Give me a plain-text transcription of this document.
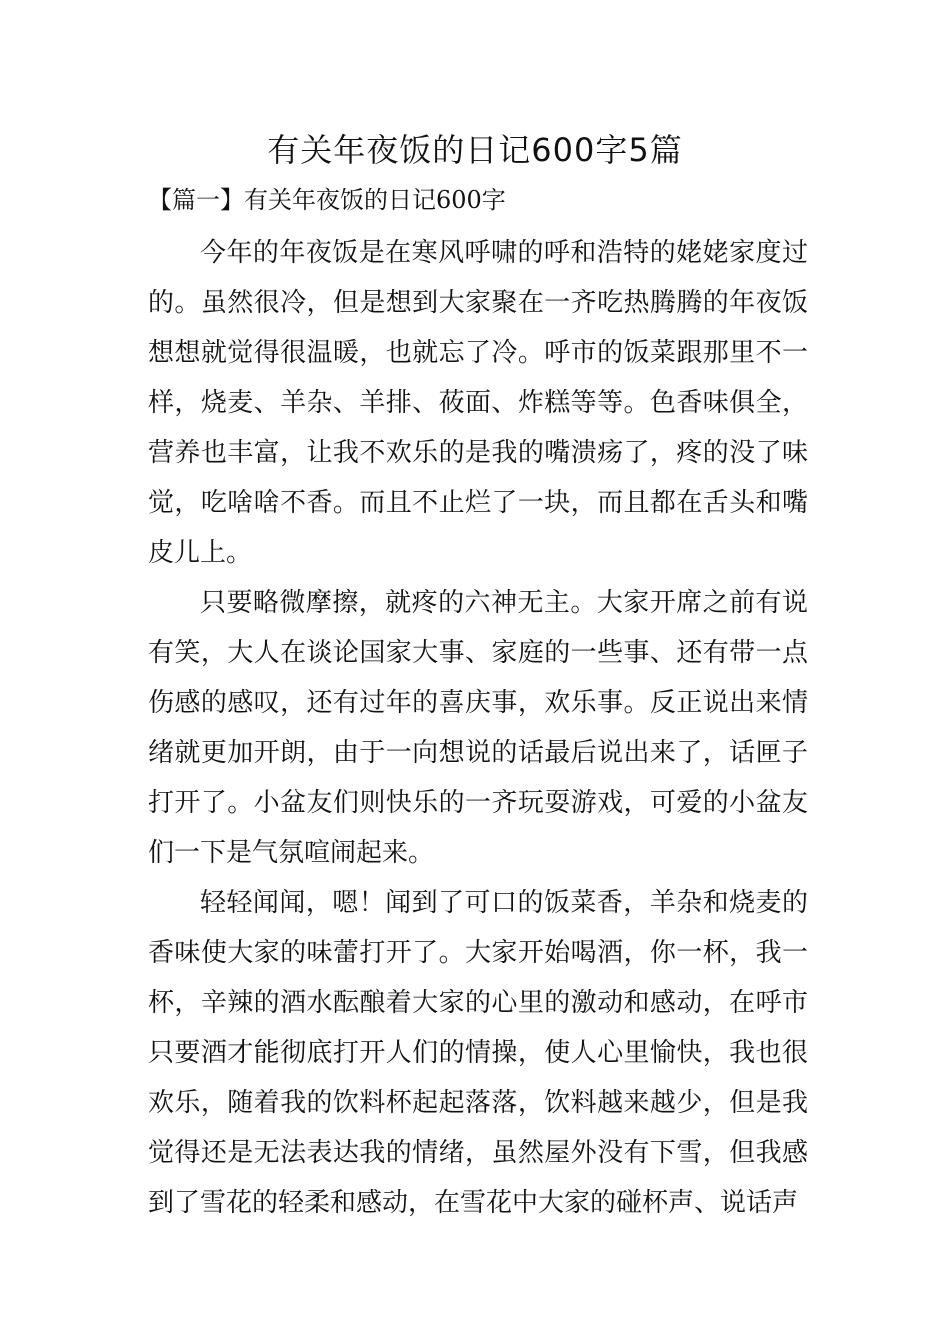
有关年夜饭的日记600字5篇
【篇一】有关年夜饭的日记600字

今年的年夜饭是在寒风呼啸的呼和浩特的姥姥家度过的。虽然很冷，但是想到大家聚在一齐吃热腾腾的年夜饭想想就觉得很温暖，也就忘了冷。呼市的饭菜跟那里不一样，烧麦、羊杂、羊排、莜面、炸糕等等。色香味俱全，营养也丰富，让我不欢乐的是我的嘴溃疡了，疼的没了味觉，吃啥啥不香。而且不止烂了一块，而且都在舌头和嘴皮儿上。

只要略微摩擦，就疼的六神无主。大家开席之前有说有笑，大人在谈论国家大事、家庭的一些事、还有带一点伤感的感叹，还有过年的喜庆事，欢乐事。反正说出来情绪就更加开朗，由于一向想说的话最后说出来了，话匣子打开了。小盆友们则快乐的一齐玩耍游戏，可爱的小盆友们一下是气氛喧闹起来。

轻轻闻闻，嗯！闻到了可口的饭菜香，羊杂和烧麦的香味使大家的味蕾打开了。大家开始喝酒，你一杯，我一杯，辛辣的酒水酝酿着大家的心里的激动和感动，在呼市只要酒才能彻底打开人们的情操，使人心里愉快，我也很欢乐，随着我的饮料杯起起落落，饮料越来越少，但是我觉得还是无法表达我的情绪，虽然屋外没有下雪，但我感到了雪花的轻柔和感动，在雪花中大家的碰杯声、说话声
